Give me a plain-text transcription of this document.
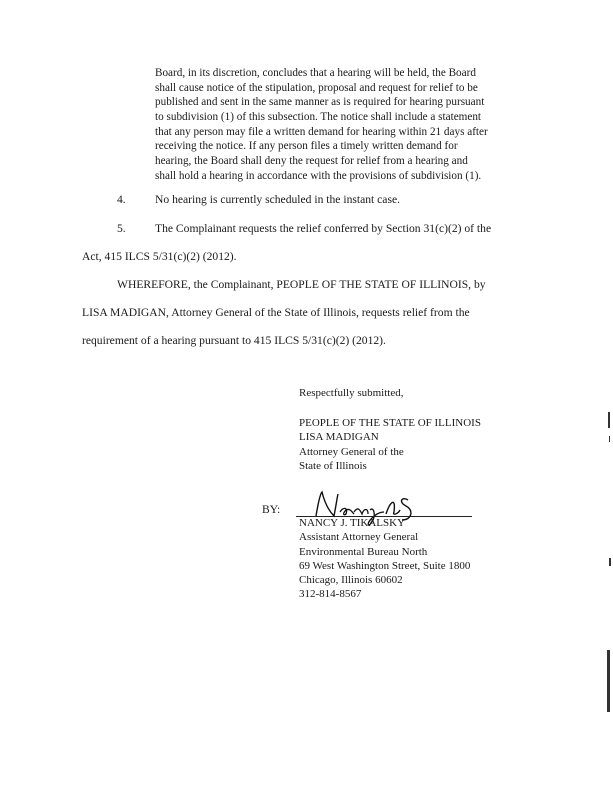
Board, in its discretion, concludes that a hearing will be held, the Board
shall cause notice of the stipulation, proposal and request for relief to be
published and sent in the same manner as is required for hearing pursuant
to subdivision (1) of this subsection. The notice shall include a statement
that any person may file a written demand for hearing within 21 days after
receiving the notice. If any person files a timely written demand for
hearing, the Board shall deny the request for relief from a hearing and
shall hold a hearing in accordance with the provisions of subdivision (1).
4.	No hearing is currently scheduled in the instant case.
5.	The Complainant requests the relief conferred by Section 31(c)(2) of the
Act, 415 ILCS 5/31(c)(2) (2012).
WHEREFORE, the Complainant, PEOPLE OF THE STATE OF ILLINOIS, by
LISA MADIGAN, Attorney General of the State of Illinois, requests relief from the
requirement of a hearing pursuant to 415 ILCS 5/31(c)(2) (2012).
Respectfully submitted,
PEOPLE OF THE STATE OF ILLINOIS
LISA MADIGAN
Attorney General of the
State of Illinois
BY:
NANCY J. TIKALSKY
Assistant Attorney General
Environmental Bureau North
69 West Washington Street, Suite 1800
Chicago, Illinois 60602
312-814-8567
